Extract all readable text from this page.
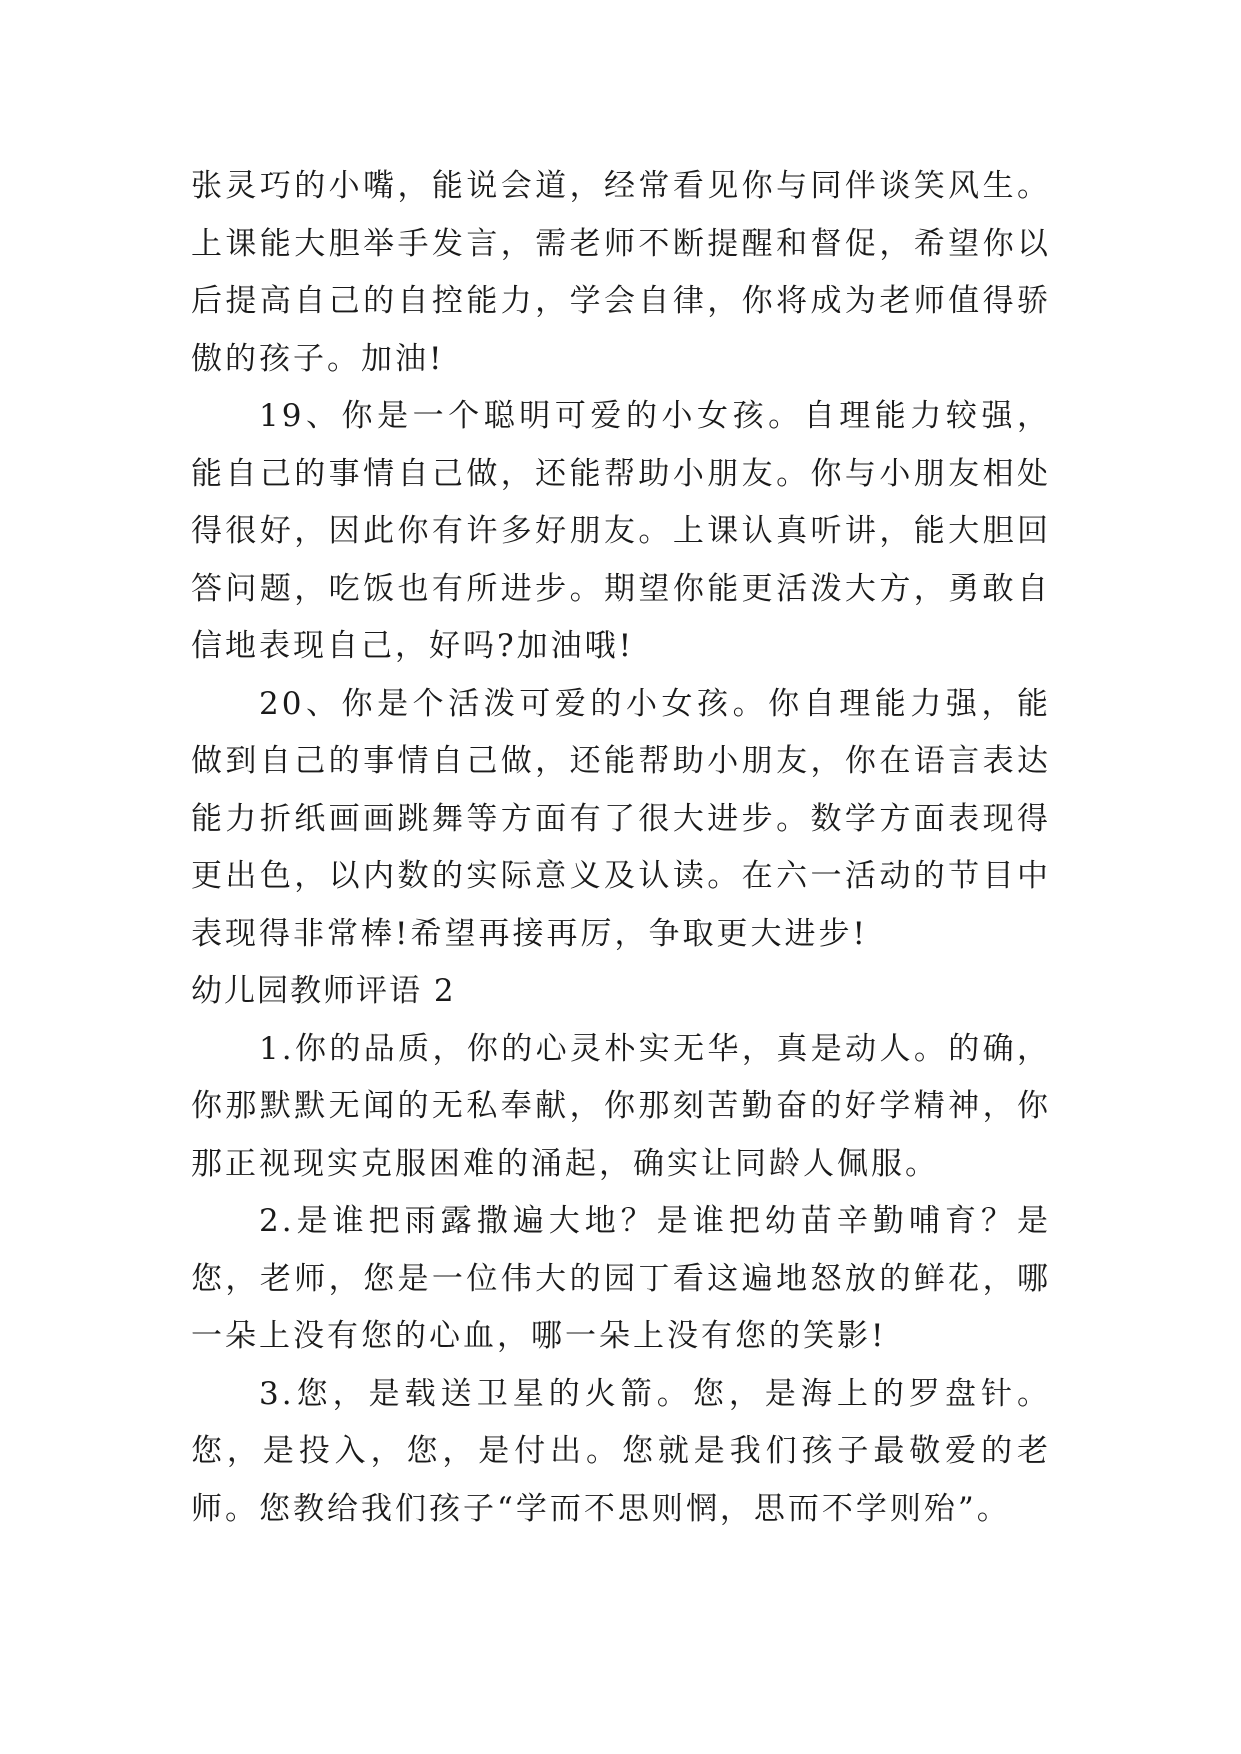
张灵巧的小嘴，能说会道，经常看见你与同伴谈笑风生。上课能大胆举手发言，需老师不断提醒和督促，希望你以后提高自己的自控能力，学会自律，你将成为老师值得骄傲的孩子。加油!

19、你是一个聪明可爱的小女孩。自理能力较强，能自己的事情自己做，还能帮助小朋友。你与小朋友相处得很好，因此你有许多好朋友。上课认真听讲，能大胆回答问题，吃饭也有所进步。期望你能更活泼大方，勇敢自信地表现自己，好吗?加油哦!

20、你是个活泼可爱的小女孩。你自理能力强，能做到自己的事情自己做，还能帮助小朋友，你在语言表达能力折纸画画跳舞等方面有了很大进步。数学方面表现得更出色，以内数的实际意义及认读。在六一活动的节目中表现得非常棒!希望再接再厉，争取更大进步!

幼儿园教师评语 2

1.你的品质，你的心灵朴实无华，真是动人。的确，你那默默无闻的无私奉献，你那刻苦勤奋的好学精神，你那正视现实克服困难的涌起，确实让同龄人佩服。

2.是谁把雨露撒遍大地？是谁把幼苗辛勤哺育？是您，老师，您是一位伟大的园丁看这遍地怒放的鲜花，哪一朵上没有您的心血，哪一朵上没有您的笑影!

3.您，是载送卫星的火箭。您，是海上的罗盘针。您，是投入，您，是付出。您就是我们孩子最敬爱的老师。您教给我们孩子“学而不思则惘，思而不学则殆”。
